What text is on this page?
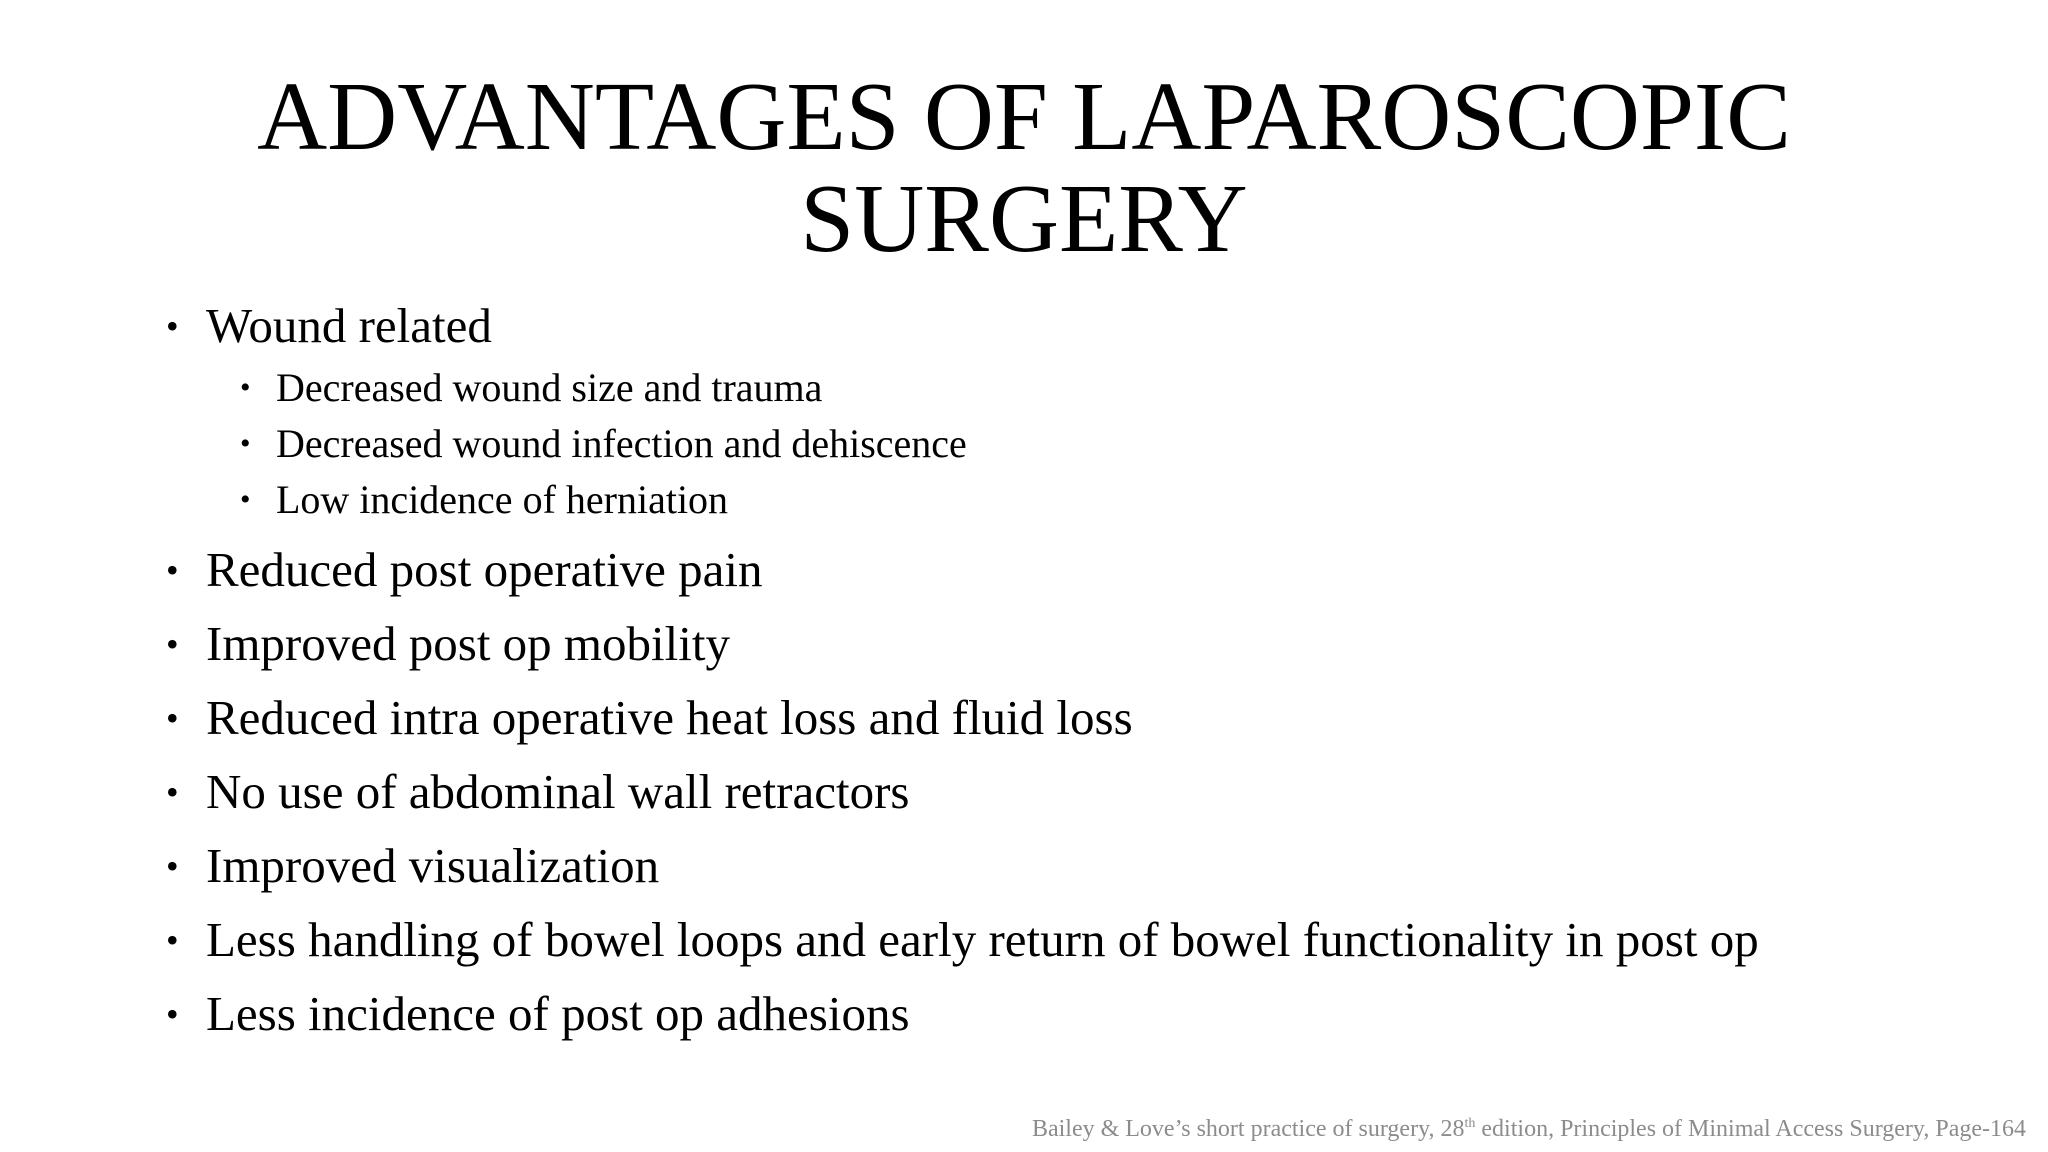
ADVANTAGES OF LAPAROSCOPIC
SURGERY
• Wound related
• Decreased wound size and trauma
• Decreased wound infection and dehiscence
• Low incidence of herniation
• Reduced post operative pain
• Improved post op mobility
• Reduced intra operative heat loss and fluid loss
• No use of abdominal wall retractors
• Improved visualization
• Less handling of bowel loops and early return of bowel functionality in post op
• Less incidence of post op adhesions
Bailey & Love’s short practice of surgery, 28th edition, Principles of Minimal Access Surgery, Page-164
